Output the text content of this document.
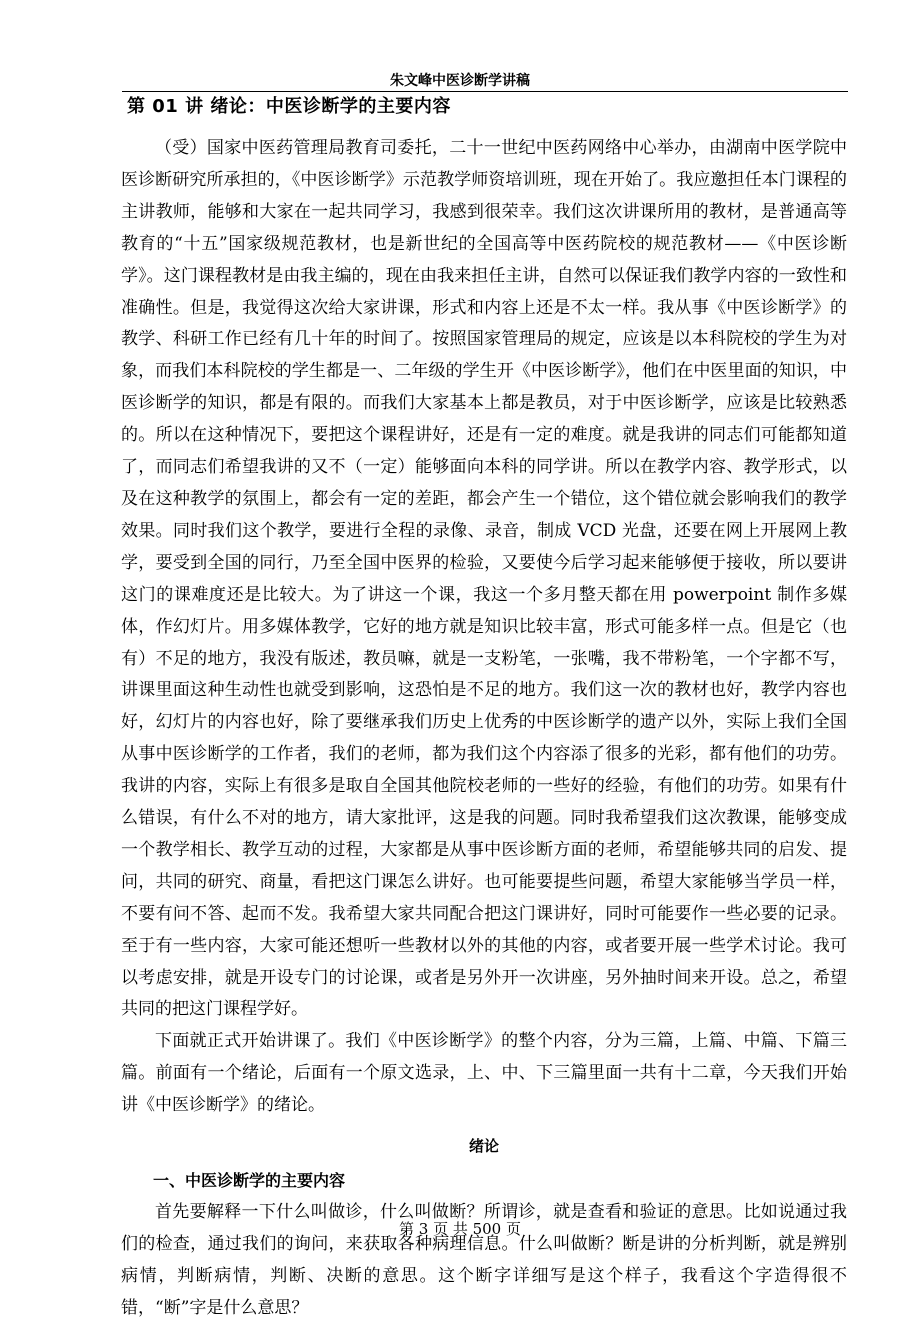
朱文峰中医诊断学讲稿
第 01 讲 绪论：中医诊断学的主要内容

（受）国家中医药管理局教育司委托，二十一世纪中医药网络中心举办，由湖南中医学院中医诊断研究所承担的，《中医诊断学》示范教学师资培训班，现在开始了。我应邀担任本门课程的主讲教师，能够和大家在一起共同学习，我感到很荣幸。我们这次讲课所用的教材，是普通高等教育的“十五”国家级规范教材，也是新世纪的全国高等中医药院校的规范教材——《中医诊断学》。这门课程教材是由我主编的，现在由我来担任主讲，自然可以保证我们教学内容的一致性和准确性。但是，我觉得这次给大家讲课，形式和内容上还是不太一样。我从事《中医诊断学》的教学、科研工作已经有几十年的时间了。按照国家管理局的规定，应该是以本科院校的学生为对象，而我们本科院校的学生都是一、二年级的学生开《中医诊断学》，他们在中医里面的知识，中医诊断学的知识，都是有限的。而我们大家基本上都是教员，对于中医诊断学，应该是比较熟悉的。所以在这种情况下，要把这个课程讲好，还是有一定的难度。就是我讲的同志们可能都知道了，而同志们希望我讲的又不（一定）能够面向本科的同学讲。所以在教学内容、教学形式，以及在这种教学的氛围上，都会有一定的差距，都会产生一个错位，这个错位就会影响我们的教学效果。同时我们这个教学，要进行全程的录像、录音，制成 VCD 光盘，还要在网上开展网上教学，要受到全国的同行，乃至全国中医界的检验，又要使今后学习起来能够便于接收，所以要讲这门的课难度还是比较大。为了讲这一个课，我这一个多月整天都在用 powerpoint 制作多媒体，作幻灯片。用多媒体教学，它好的地方就是知识比较丰富，形式可能多样一点。但是它（也有）不足的地方，我没有版述，教员嘛，就是一支粉笔，一张嘴，我不带粉笔，一个字都不写，讲课里面这种生动性也就受到影响，这恐怕是不足的地方。我们这一次的教材也好，教学内容也好，幻灯片的内容也好，除了要继承我们历史上优秀的中医诊断学的遗产以外，实际上我们全国从事中医诊断学的工作者，我们的老师，都为我们这个内容添了很多的光彩，都有他们的功劳。我讲的内容，实际上有很多是取自全国其他院校老师的一些好的经验，有他们的功劳。如果有什么错误，有什么不对的地方，请大家批评，这是我的问题。同时我希望我们这次教课，能够变成一个教学相长、教学互动的过程，大家都是从事中医诊断方面的老师，希望能够共同的启发、提问，共同的研究、商量，看把这门课怎么讲好。也可能要提些问题，希望大家能够当学员一样，不要有问不答、起而不发。我希望大家共同配合把这门课讲好，同时可能要作一些必要的记录。至于有一些内容，大家可能还想听一些教材以外的其他的内容，或者要开展一些学术讨论。我可以考虑安排，就是开设专门的讨论课，或者是另外开一次讲座，另外抽时间来开设。总之，希望共同的把这门课程学好。

下面就正式开始讲课了。我们《中医诊断学》的整个内容，分为三篇，上篇、中篇、下篇三篇。前面有一个绪论，后面有一个原文选录，上、中、下三篇里面一共有十二章，今天我们开始讲《中医诊断学》的绪论。

绪论
一、中医诊断学的主要内容

首先要解释一下什么叫做诊，什么叫做断？所谓诊，就是查看和验证的意思。比如说通过我们的检查，通过我们的询问，来获取各种病理信息。什么叫做断？断是讲的分析判断，就是辨别病情，判断病情，判断、决断的意思。这个断字详细写是这个样子，我看这个字造得很不错，“断”字是什么意思？

第 3 页 共 500 页
